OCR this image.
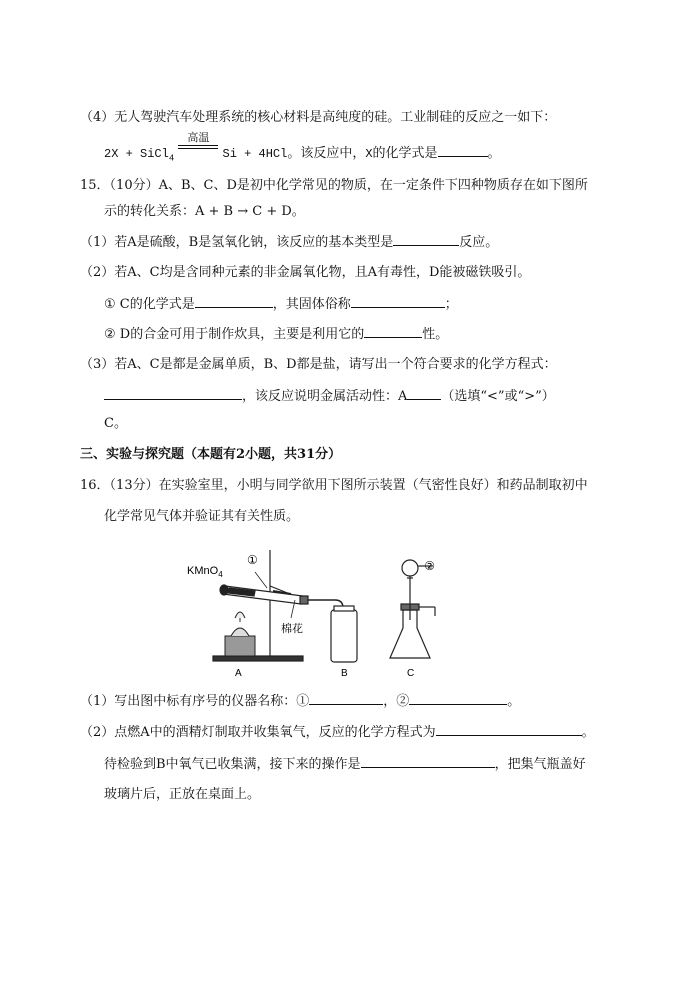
（4）无人驾驶汽车处理系统的核心材料是高纯度的硅。工业制硅的反应之一如下：
2X + SiCl$_4$
高温
Si + 4HCl。该反应中，X的化学式是	。
15．（10分）A、B、C、D是初中化学常见的物质，在一定条件下四种物质存在如下图所
示的转化关系：A + B → C + D。
（1）若A是硫酸，B是氢氧化钠，该反应的基本类型是	反应。
（2）若A、C均是含同种元素的非金属氧化物，且A有毒性，D能被磁铁吸引。
① C的化学式是	，其固体俗称	；
② D的合金可用于制作炊具，主要是利用它的	性。
（3）若A、C是都是金属单质，B、D都是盐，请写出一个符合要求的化学方程式：
，该反应说明金属活动性：A	（选填“<”或“>”）
C。
三、实验与探究题（本题有2小题，共31分）
16．（13分）在实验室里，小明与同学欲用下图所示装置（气密性良好）和药品制取初中
化学常见气体并验证其有关性质。
KMnO$_4$
①	②
棉花
A	B	C
（1）写出图中标有序号的仪器名称：①	，②	。
（2）点燃A中的酒精灯制取并收集氧气，反应的化学方程式为	。
待检验到B中氧气已收集满，接下来的操作是	，把集气瓶盖好
玻璃片后，正放在桌面上。
